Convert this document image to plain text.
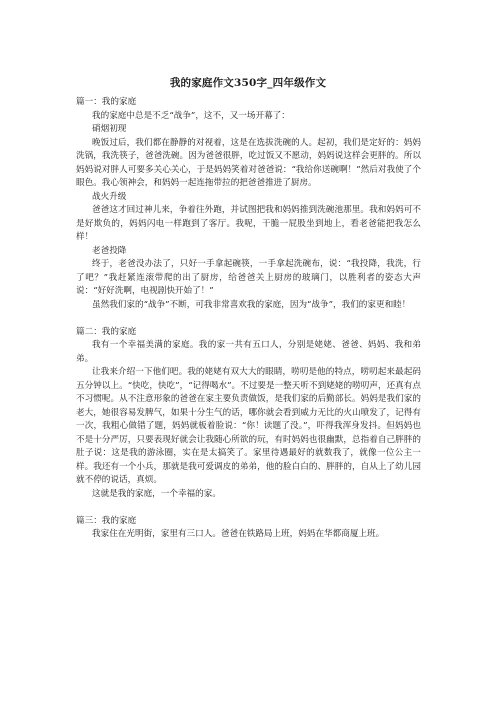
我的家庭作文350字_四年级作文

篇一：我的家庭

我的家庭中总是不乏“战争”，这不，又一场开幕了：

硝烟初现

晚饭过后，我们都在静静的对视着，这是在选拔洗碗的人。起初，我们是定好的：妈妈洗锅，我洗筷子，爸爸洗碗。因为爸爸很胖，吃过饭又不愿动，妈妈说这样会更胖的。所以妈妈说对胖人可要多关心关心，于是妈妈笑着对爸爸说：“我给你送碗啊！”然后对我使了个眼色。我心领神会，和妈妈一起连拖带拉的把爸爸推进了厨房。

战火升级

爸爸这才回过神儿来，争着往外跑，并试图把我和妈妈推到洗碗池那里。我和妈妈可不是好欺负的，妈妈闪电一样跑到了客厅。我呢，干脆一屁股坐到地上，看老爸能把我怎么样！

老爸投降

终于，老爸没办法了，只好一手拿起碗筷，一手拿起洗碗布，说：“我投降，我洗，行了吧？”我赶紧连滚带爬的出了厨房，给爸爸关上厨房的玻璃门，以胜利者的姿态大声说：“好好洗啊，电视剧快开始了！”

虽然我们家的“战争”不断，可我非常喜欢我的家庭，因为“战争”，我们的家更和睦！

篇二：我的家庭

我有一个幸福美满的家庭。我的家一共有五口人，分别是姥姥、爸爸、妈妈、我和弟弟。

让我来介绍一下他们吧。我的姥姥有双大大的眼睛，唠叨是他的特点，唠叨起来最起码五分钟以上。“快吃，快吃”，“记得喝水”。不过要是一整天听不到姥姥的唠叨声，还真有点不习惯呢。从不注意形象的爸爸在家主要负责做饭，是我们家的后勤部长。妈妈是我们家的老大，她很容易发脾气，如果十分生气的话，哪你就会看到威力无比的火山喷发了，记得有一次，我粗心做错了题，妈妈就板着脸说：“你！读题了没。”，吓得我浑身发抖。但妈妈也不是十分严厉，只要表现好就会让我随心所欲的玩，有时妈妈也很幽默，总指着自己胖胖的肚子说：这是我的游泳圈，实在是太搞笑了。家里待遇最好的就数我了，就像一位公主一样。我还有一个小兵，那就是我可爱调皮的弟弟，他的脸白白的、胖胖的，自从上了幼儿园就不停的说话，真烦。

这就是我的家庭，一个幸福的家。

篇三：我的家庭

我家住在光明街，家里有三口人。爸爸在铁路局上班，妈妈在华都商厦上班。
